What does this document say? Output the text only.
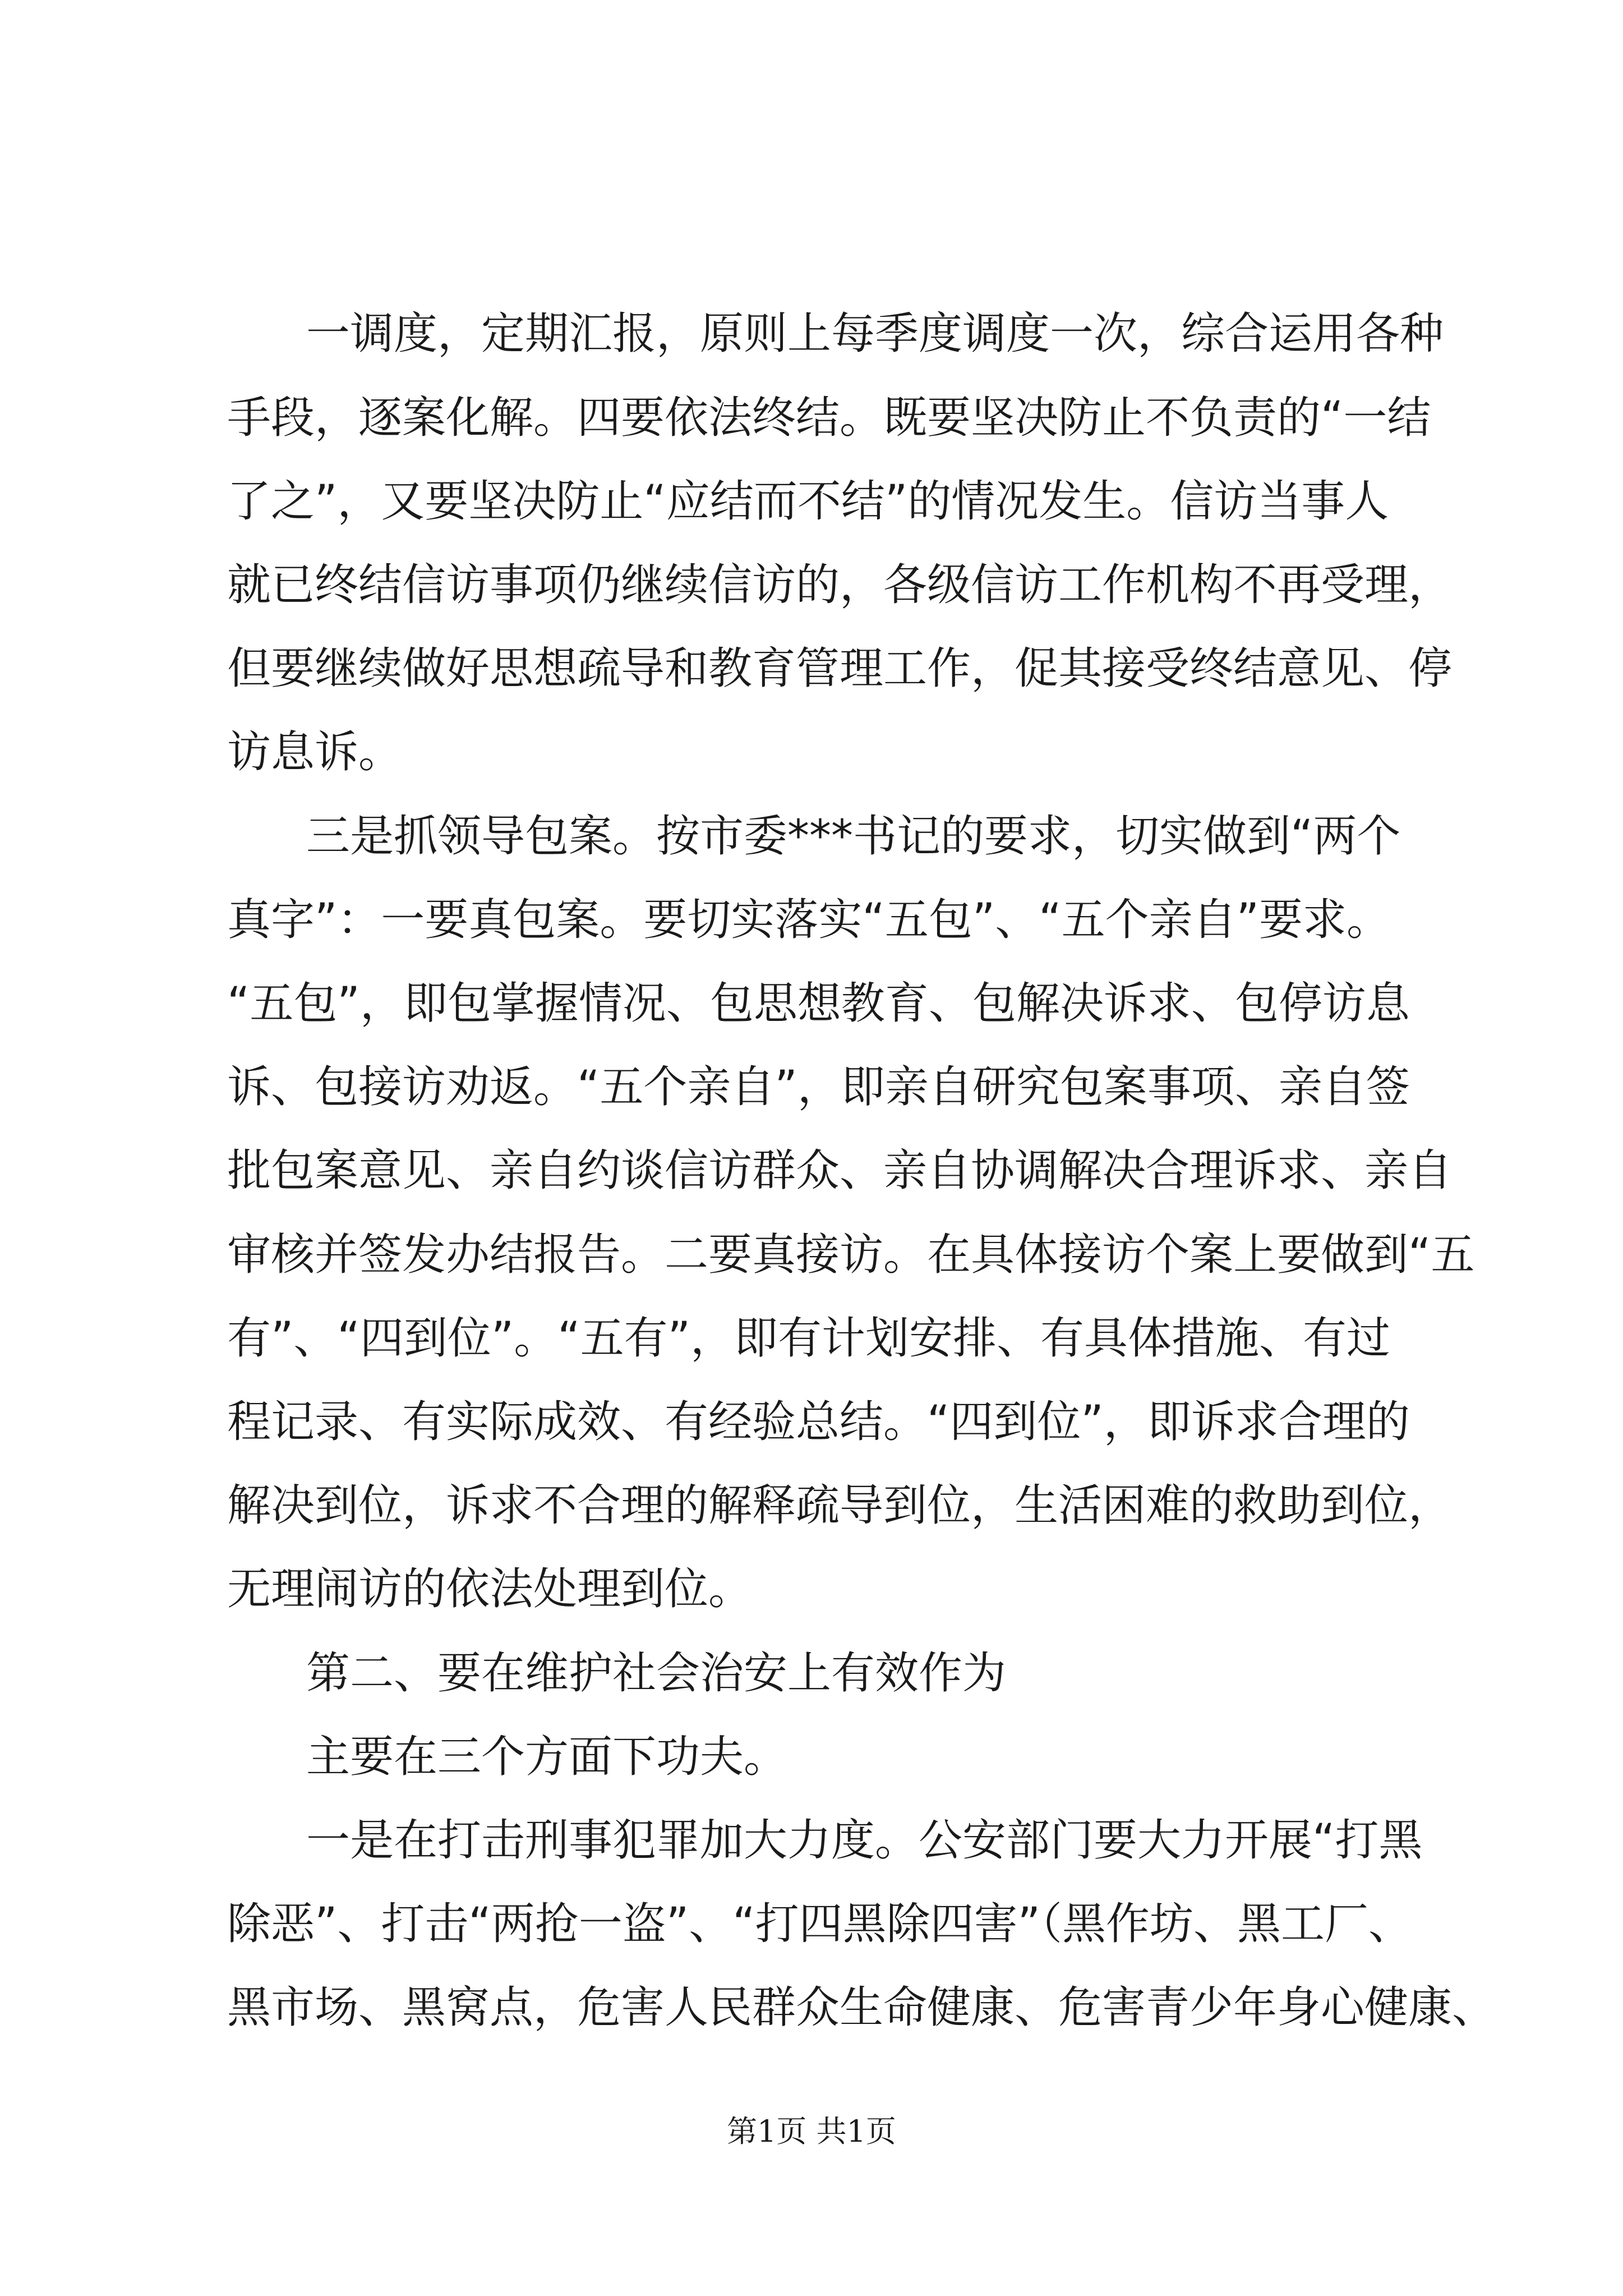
一调度，定期汇报，原则上每季度调度一次，综合运用各种

手段，逐案化解。四要依法终结。既要坚决防止不负责的“一结

了之”，又要坚决防止“应结而不结”的情况发生。信访当事人

就已终结信访事项仍继续信访的，各级信访工作机构不再受理，

但要继续做好思想疏导和教育管理工作，促其接受终结意见、停

访息诉。

三是抓领导包案。按市委***书记的要求，切实做到“两个

真字”：一要真包案。要切实落实“五包”、“五个亲自”要求。

“五包”，即包掌握情况、包思想教育、包解决诉求、包停访息

诉、包接访劝返。“五个亲自”，即亲自研究包案事项、亲自签

批包案意见、亲自约谈信访群众、亲自协调解决合理诉求、亲自

审核并签发办结报告。二要真接访。在具体接访个案上要做到“五

有”、“四到位”。“五有”，即有计划安排、有具体措施、有过

程记录、有实际成效、有经验总结。“四到位”，即诉求合理的

解决到位，诉求不合理的解释疏导到位，生活困难的救助到位，

无理闹访的依法处理到位。

第二、要在维护社会治安上有效作为

主要在三个方面下功夫。

一是在打击刑事犯罪加大力度。公安部门要大力开展“打黑

除恶”、打击“两抢一盗”、“打四黑除四害”（黑作坊、黑工厂、

黑市场、黑窝点，危害人民群众生命健康、危害青少年身心健康、

第1页 共1页
